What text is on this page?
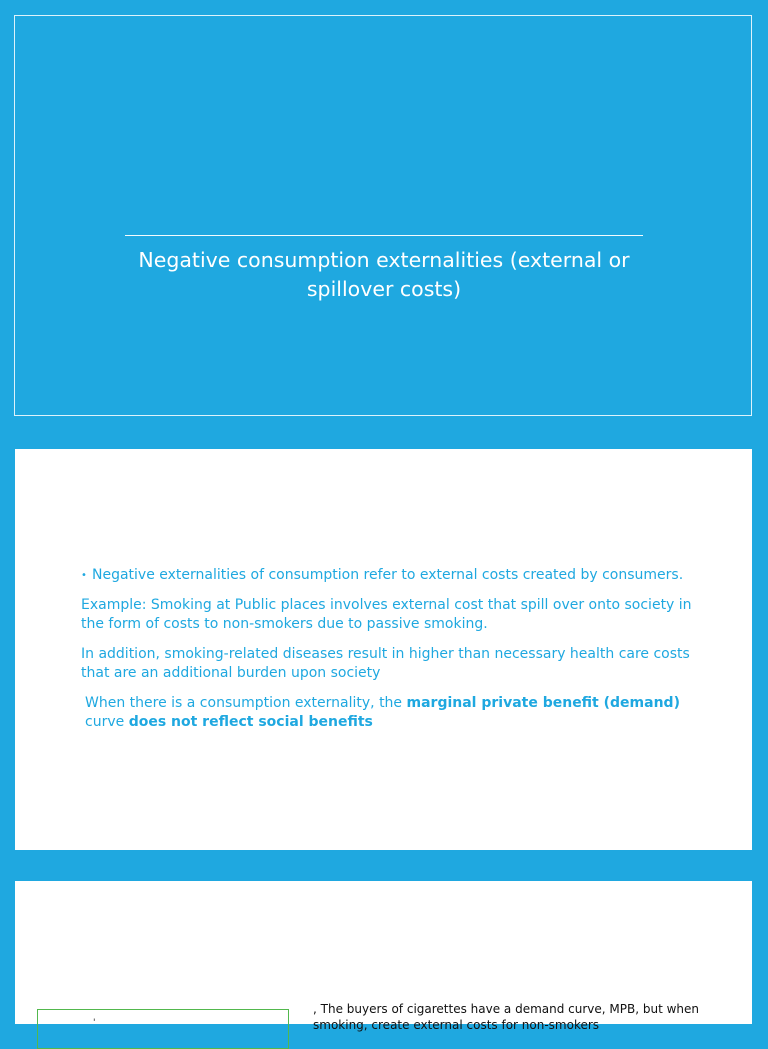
Negative consumption externalities (external or
spillover costs)
• Negative externalities of consumption refer to external costs created by consumers.

Example: Smoking at Public places involves external cost that spill over onto society in the form of costs to non-smokers due to passive smoking.

In addition, smoking-related diseases result in higher than necessary health care costs that are an additional burden upon society

When there is a consumption externality, the marginal private benefit (demand) curve does not reflect social benefits

'
, The buyers of cigarettes have a demand curve, MPB, but when smoking, create external costs for non-smokers
